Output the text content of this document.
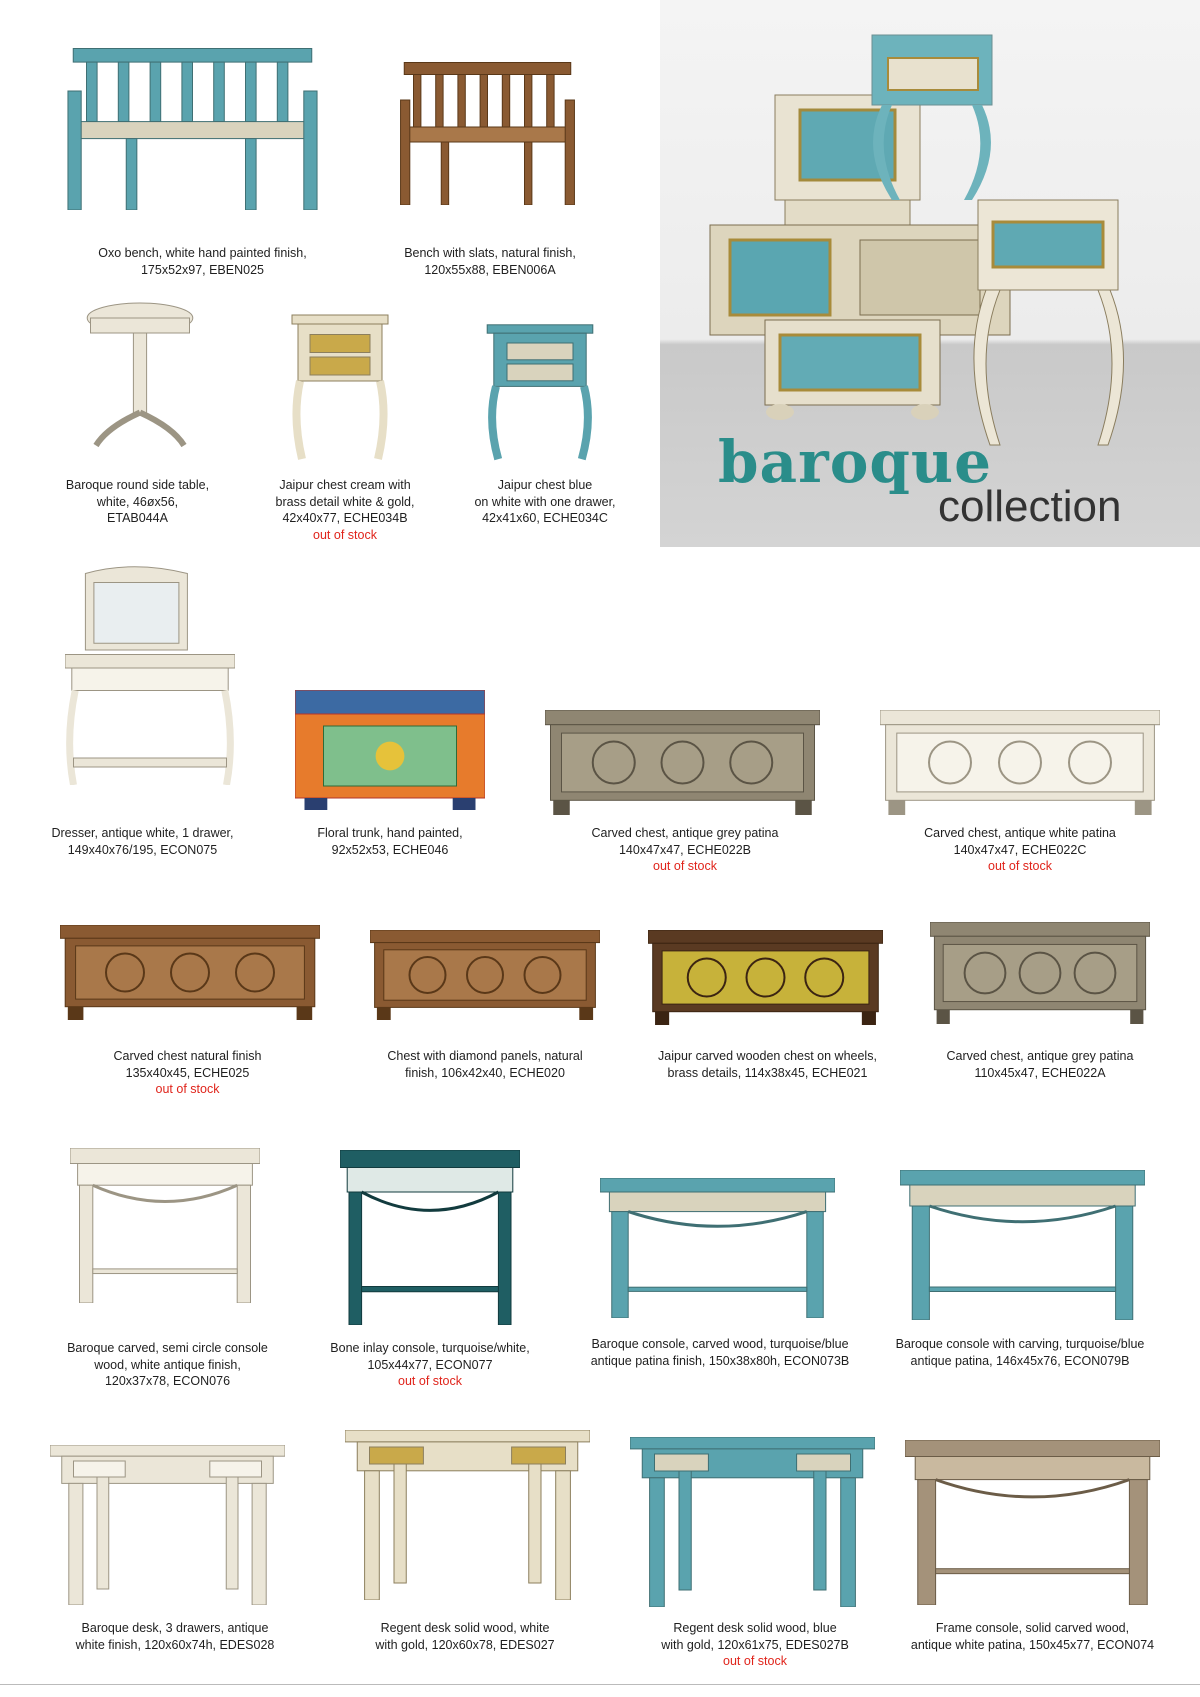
baroque
collection
Oxo bench, white hand painted finish,
175x52x97, EBEN025
Bench with slats, natural finish,
120x55x88, EBEN006A
Baroque round side table,
white, 46øx56,
ETAB044A
Jaipur chest cream with
brass detail white & gold,
42x40x77, ECHE034B
out of stock
Jaipur chest blue
on white with one drawer,
42x41x60, ECHE034C
Dresser, antique white, 1 drawer,
149x40x76/195, ECON075
Floral trunk, hand painted,
92x52x53, ECHE046
Carved chest, antique grey patina
140x47x47, ECHE022B
out of stock
Carved chest, antique white patina
140x47x47, ECHE022C
out of stock
Carved chest natural finish
135x40x45, ECHE025
out of stock
Chest with diamond panels, natural
finish, 106x42x40, ECHE020
Jaipur carved wooden chest on wheels,
brass details, 114x38x45, ECHE021
Carved chest, antique grey patina
110x45x47, ECHE022A
Baroque carved, semi circle console
wood, white antique finish,
120x37x78, ECON076
Bone inlay console, turquoise/white,
105x44x77, ECON077
out of stock
Baroque console, carved wood, turquoise/blue
antique patina finish, 150x38x80h, ECON073B
Baroque console with carving, turquoise/blue
antique patina, 146x45x76, ECON079B
Baroque desk, 3 drawers, antique
white finish, 120x60x74h, EDES028
Regent desk solid wood, white
with gold, 120x60x78, EDES027
Regent desk solid wood, blue
with gold, 120x61x75, EDES027B
out of stock
Frame console, solid carved wood,
antique white patina, 150x45x77, ECON074
